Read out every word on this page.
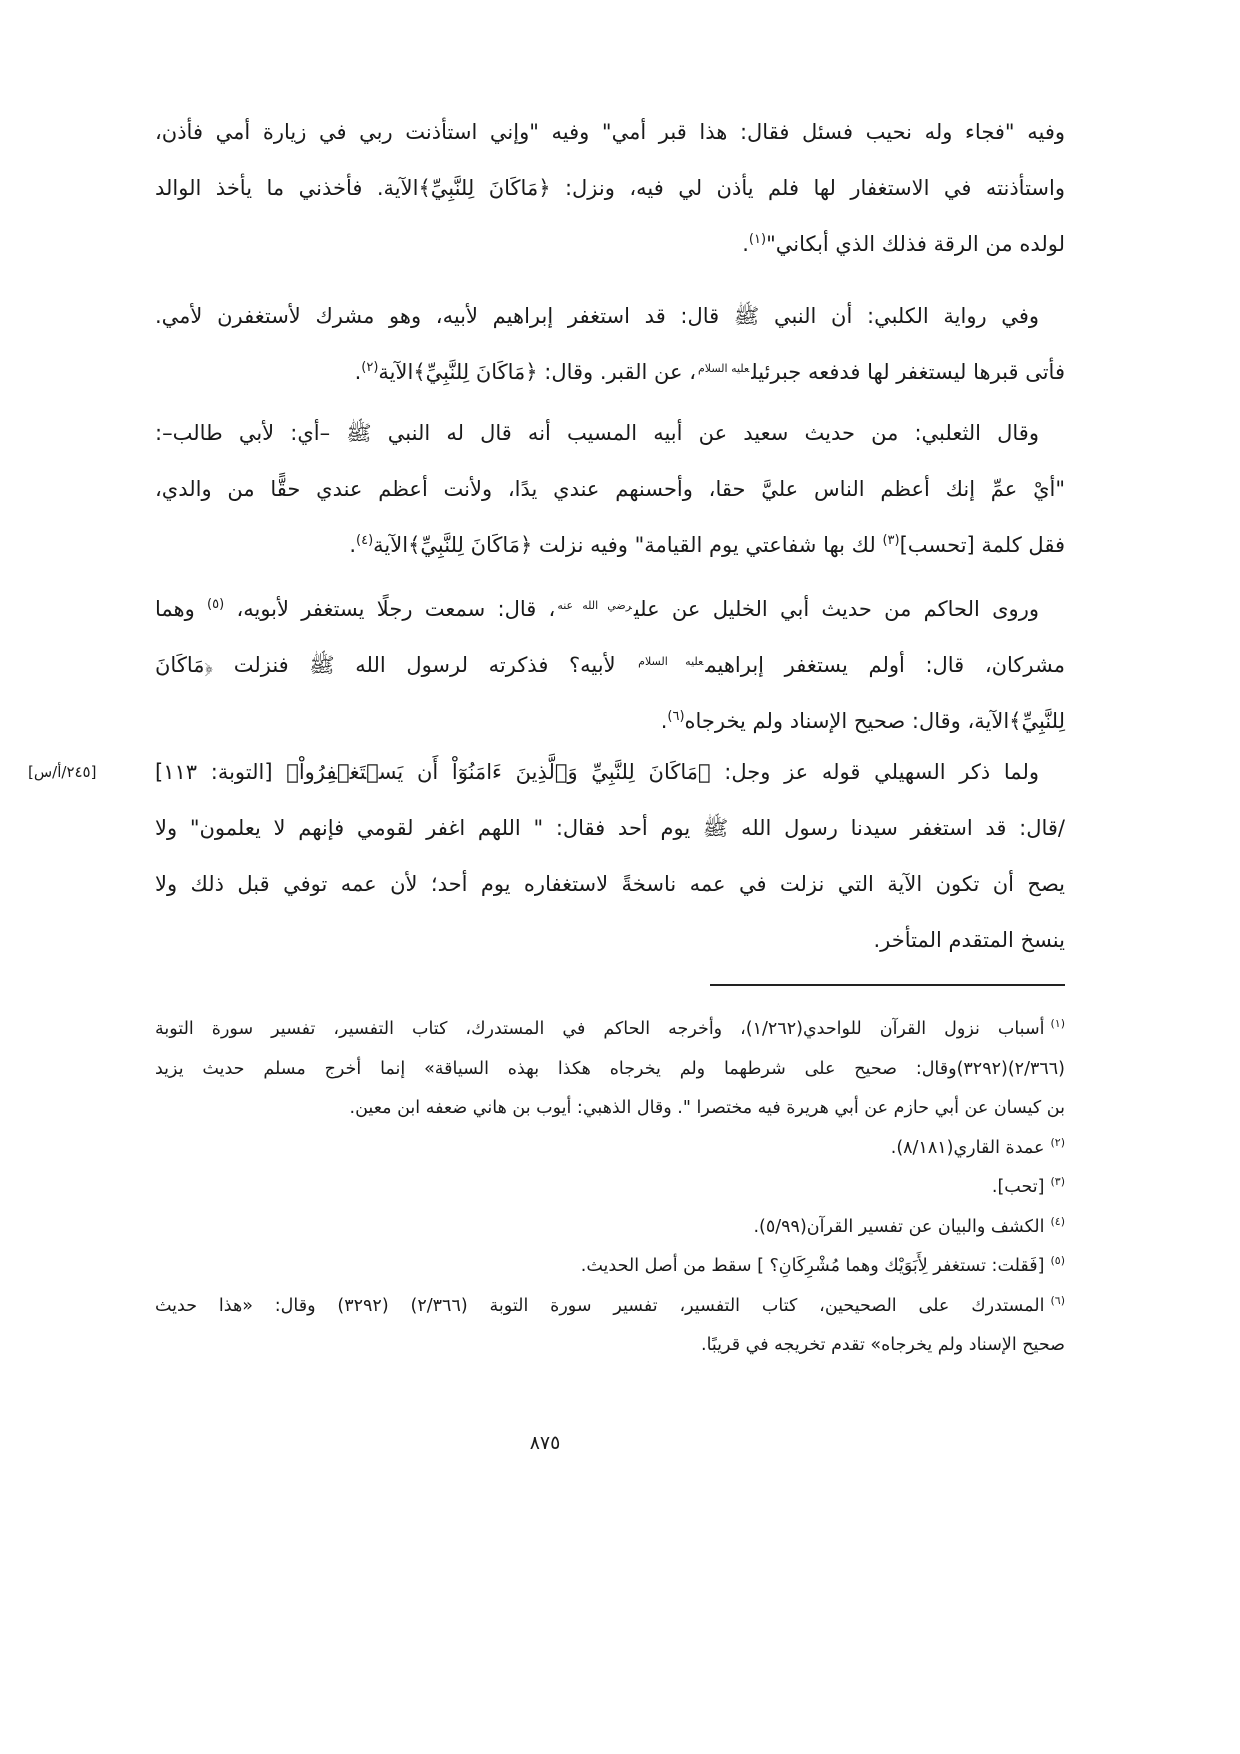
وفيه "فجاء وله نحيب فسئل فقال: هذا قبر أمي" وفيه "وإني استأذنت ربي في زيارة أمي فأذن،
واستأذنته في الاستغفار لها فلم يأذن لي فيه، ونزل: ﴿مَاكَانَ لِلنَّبِيِّ﴾الآية. فأخذني ما يأخذ الوالد
لولده من الرقة فذلك الذي أبكاني"$^{(١)}$.
وفي رواية الكلبي: أن النبي ﷺ قال: قد استغفر إبراهيم لأبيه، وهو مشرك لأستغفرن لأمي.
فأتى قبرها ليستغفر لها فدفعه جبرئيل$^{عليه السلام}$، عن القبر. وقال: ﴿مَاكَانَ لِلنَّبِيِّ﴾الآية$^{(٢)}$.
وقال الثعلبي: من حديث سعيد عن أبيه المسيب أنه قال له النبي ﷺ –أي: لأبي طالب–:
"أيْ عمِّ إنك أعظم الناس عليَّ حقا، وأحسنهم عندي يدًا، ولأنت أعظم عندي حقًّا من والدي،
فقل كلمة [تحسب]$^{(٣)}$ لك بها شفاعتي يوم القيامة" وفيه نزلت ﴿مَاكَانَ لِلنَّبِيِّ﴾الآية$^{(٤)}$.
وروى الحاكم من حديث أبي الخليل عن علي$^{رضي الله عنه}$، قال: سمعت رجلًا يستغفر لأبويه، $^{(٥)}$ وهما
مشركان، قال: أولم يستغفر إبراهيم$^{عليه السلام}$ لأبيه؟ فذكرته لرسول الله ﷺ فنزلت ﴿مَاكَانَ
لِلنَّبِيِّ﴾الآية، وقال: صحيح الإسناد ولم يخرجاه$^{(٦)}$.
ولما ذكر السهيلي قوله عز وجل: ﴿مَاكَانَ لِلنَّبِيِّ وَٱلَّذِينَ ءَامَنُوٓاْ أَن يَسۡتَغۡفِرُواْ﴾ [التوبة: ١١٣]
/قال: قد استغفر سيدنا رسول الله ﷺ يوم أحد فقال: " اللهم اغفر لقومي فإنهم لا يعلمون" ولا
يصح أن تكون الآية التي نزلت في عمه ناسخةً لاستغفاره يوم أحد؛ لأن عمه توفي قبل ذلك ولا
ينسخ المتقدم المتأخر.
[٢٤٥/أ/س]
$^{(١)}$أسباب نزول القرآن للواحدي(١/٢٦٢)، وأخرجه الحاكم في المستدرك، كتاب التفسير، تفسير سورة التوبة
(٢/٣٦٦)(٣٢٩٢)وقال: صحيح على شرطهما ولم يخرجاه هكذا بهذه السياقة» إنما أخرج مسلم حديث يزيد
بن كيسان عن أبي حازم عن أبي هريرة فيه مختصرا ". وقال الذهبي: أيوب بن هاني ضعفه ابن معين.
$^{(٢)}$عمدة القاري(٨/١٨١).
$^{(٣)}$[تحب].
$^{(٤)}$الكشف والبيان عن تفسير القرآن(٥/٩٩).
$^{(٥)}$[فَقلت: تستغفر لِأَبَوَيْك وهما مُشْرِكَانِ؟ ] سقط من أصل الحديث.
$^{(٦)}$المستدرك على الصحيحين، كتاب التفسير، تفسير سورة التوبة (٢/٣٦٦) (٣٢٩٢) وقال: «هذا حديث
صحيح الإسناد ولم يخرجاه» تقدم تخريجه في قريبًا.
٨٧٥
